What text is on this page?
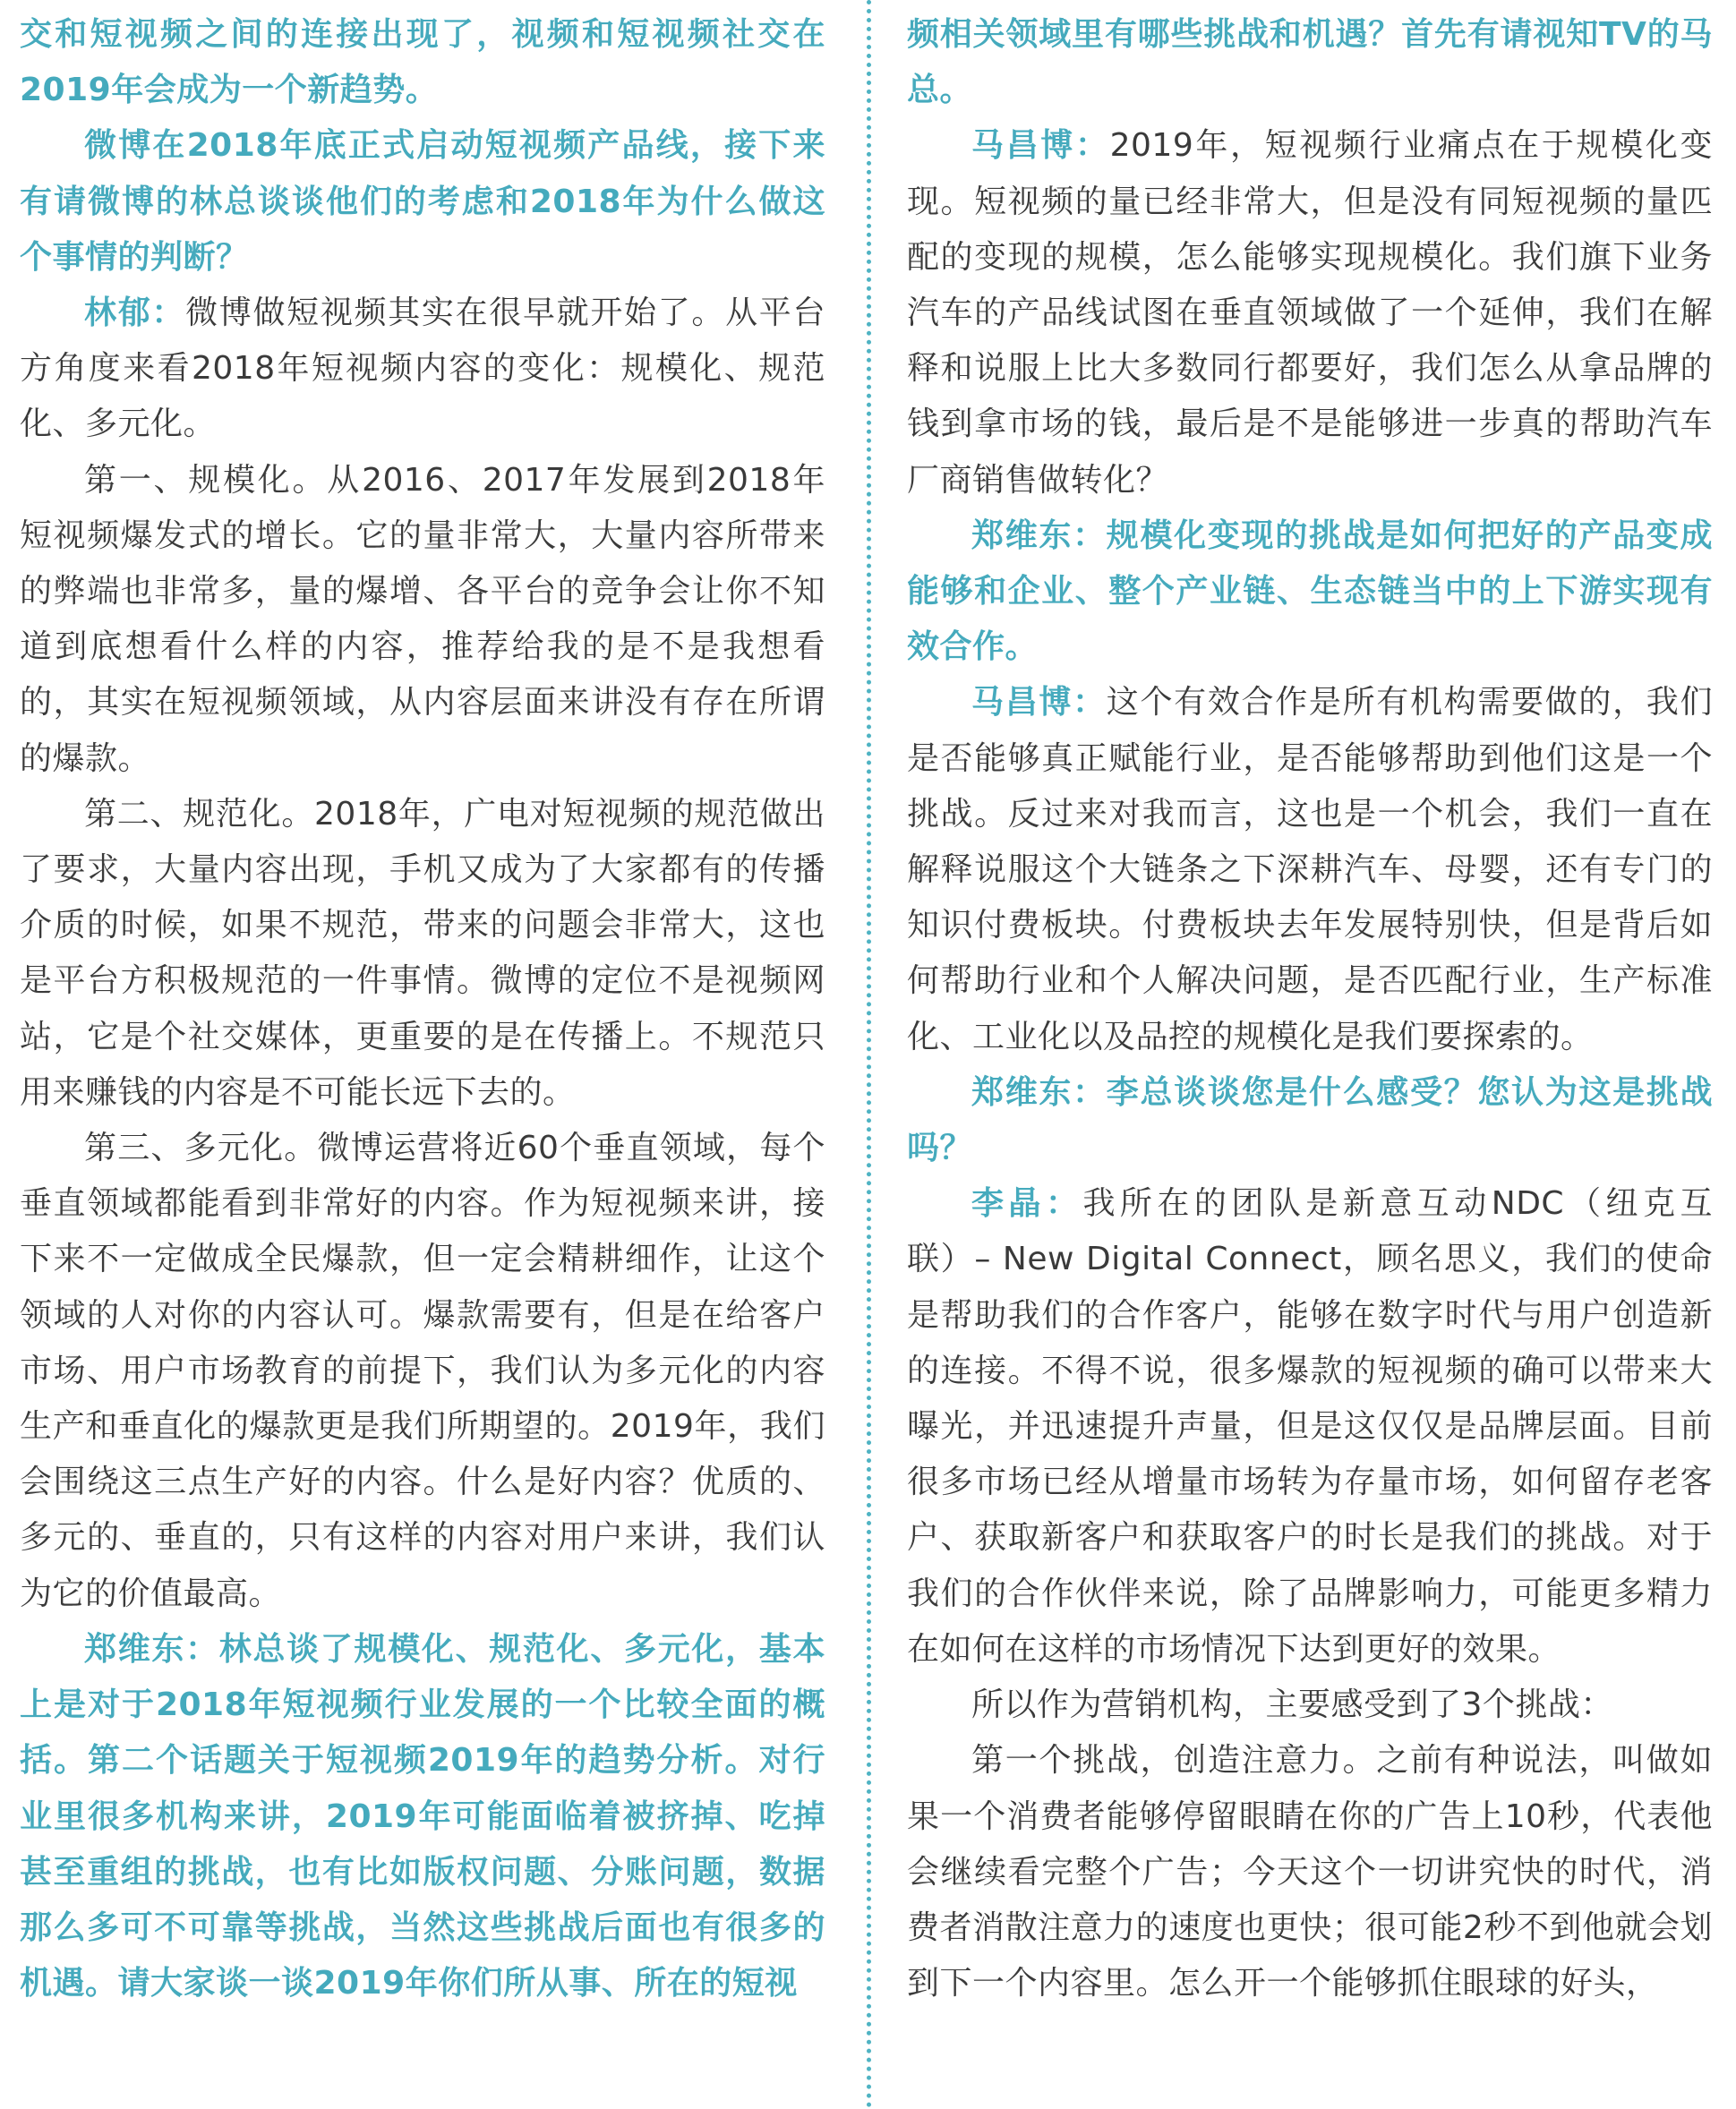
交和短视频之间的连接出现了，视频和短视频社交在2019年会成为一个新趋势。

微博在2018年底正式启动短视频产品线，接下来有请微博的林总谈谈他们的考虑和2018年为什么做这个事情的判断？

林郁：微博做短视频其实在很早就开始了。从平台方角度来看2018年短视频内容的变化：规模化、规范化、多元化。

第一、规模化。从2016、2017年发展到2018年短视频爆发式的增长。它的量非常大，大量内容所带来的弊端也非常多，量的爆增、各平台的竞争会让你不知道到底想看什么样的内容，推荐给我的是不是我想看的，其实在短视频领域，从内容层面来讲没有存在所谓的爆款。

第二、规范化。2018年，广电对短视频的规范做出了要求，大量内容出现，手机又成为了大家都有的传播介质的时候，如果不规范，带来的问题会非常大，这也是平台方积极规范的一件事情。微博的定位不是视频网站，它是个社交媒体，更重要的是在传播上。不规范只用来赚钱的内容是不可能长远下去的。

第三、多元化。微博运营将近60个垂直领域，每个垂直领域都能看到非常好的内容。作为短视频来讲，接下来不一定做成全民爆款，但一定会精耕细作，让这个领域的人对你的内容认可。爆款需要有，但是在给客户市场、用户市场教育的前提下，我们认为多元化的内容生产和垂直化的爆款更是我们所期望的。2019年，我们会围绕这三点生产好的内容。什么是好内容？优质的、多元的、垂直的，只有这样的内容对用户来讲，我们认为它的价值最高。

郑维东：林总谈了规模化、规范化、多元化，基本上是对于2018年短视频行业发展的一个比较全面的概括。第二个话题关于短视频2019年的趋势分析。对行业里很多机构来讲，2019年可能面临着被挤掉、吃掉甚至重组的挑战，也有比如版权问题、分账问题，数据那么多可不可靠等挑战，当然这些挑战后面也有很多的机遇。请大家谈一谈2019年你们所从事、所在的短视

频相关领域里有哪些挑战和机遇？首先有请视知TV的马总。

马昌博：2019年，短视频行业痛点在于规模化变现。短视频的量已经非常大，但是没有同短视频的量匹配的变现的规模，怎么能够实现规模化。我们旗下业务汽车的产品线试图在垂直领域做了一个延伸，我们在解释和说服上比大多数同行都要好，我们怎么从拿品牌的钱到拿市场的钱，最后是不是能够进一步真的帮助汽车厂商销售做转化？

郑维东：规模化变现的挑战是如何把好的产品变成能够和企业、整个产业链、生态链当中的上下游实现有效合作。

马昌博：这个有效合作是所有机构需要做的，我们是否能够真正赋能行业，是否能够帮助到他们这是一个挑战。反过来对我而言，这也是一个机会，我们一直在解释说服这个大链条之下深耕汽车、母婴，还有专门的知识付费板块。付费板块去年发展特别快，但是背后如何帮助行业和个人解决问题，是否匹配行业，生产标准化、工业化以及品控的规模化是我们要探索的。

郑维东：李总谈谈您是什么感受？您认为这是挑战吗？

李晶：我所在的团队是新意互动NDC（纽克互联）– New Digital Connect，顾名思义，我们的使命是帮助我们的合作客户，能够在数字时代与用户创造新的连接。不得不说，很多爆款的短视频的确可以带来大曝光，并迅速提升声量，但是这仅仅是品牌层面。目前很多市场已经从增量市场转为存量市场，如何留存老客户、获取新客户和获取客户的时长是我们的挑战。对于我们的合作伙伴来说，除了品牌影响力，可能更多精力在如何在这样的市场情况下达到更好的效果。

所以作为营销机构，主要感受到了3个挑战：

第一个挑战，创造注意力。之前有种说法，叫做如果一个消费者能够停留眼睛在你的广告上10秒，代表他会继续看完整个广告；今天这个一切讲究快的时代，消费者消散注意力的速度也更快；很可能2秒不到他就会划到下一个内容里。怎么开一个能够抓住眼球的好头，
